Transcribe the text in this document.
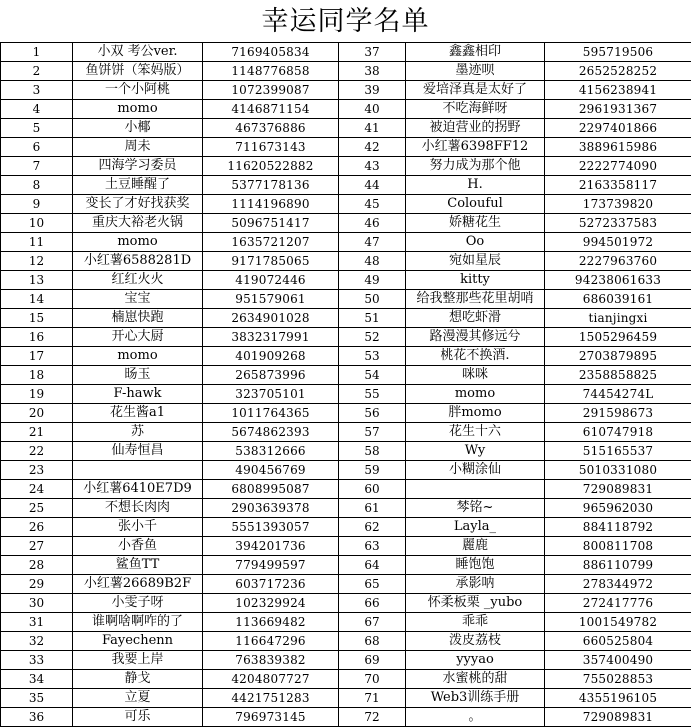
幸运同学名单
1	小双 考公ver.	7169405834	37	鑫鑫相印	595719506
2	鱼饼饼（笨妈版）	1148776858	38	墨迹呗	2652528252
3	一个小阿桃	1072399087	39	爱培泽真是太好了	4156238941
4	momo	4146871154	40	不吃海鲜呀	2961931367
5	小椰	467376886	41	被迫营业的拐野	2297401866
6	周未	711673143	42	小红薯6398FF12	3889615986
7	四海学习委员	11620522882	43	努力成为那个他	2222774090
8	土豆睡醒了	5377178136	44	H.	2163358117
9	变长了才好找获奖	1114196890	45	Colouful	173739820
10	重庆大裕老火锅	5096751417	46	娇糖花生	5272337583
11	momo	1635721207	47	Oo	994501972
12	小红薯6588281D	9171785065	48	宛如星辰	2227963760
13	红红火火	419072446	49	kitty	94238061633
14	宝宝	951579061	50	给我整那些花里胡哨	686039161
15	楠崽快跑	2634901028	51	想吃虾滑	tianjingxi
16	开心大厨	3832317991	52	路漫漫其修远兮	1505296459
17	momo	401909268	53	桃花不换酒.	2703879895
18	旸玉	265873996	54	咪咪	2358858825
19	F-hawk	323705101	55	momo	74454274L
20	花生酱a1	1011764365	56	胖momo	291598673
21	苏	5674862393	57	花生十六	610747918
22	仙寿恒昌	538312666	58	Wy	515165537
23		490456769	59	小糊涂仙	5010331080
24	小红薯6410E7D9	6808995087	60		729089831
25	不想长肉肉	2903639378	61	棽铭~	965962030
26	张小千	5551393057	62	Layla_	884118792
27	小香鱼	394201736	63	麗鹿	800811708
28	鲨鱼TT	779499597	64	睡饱饱	886110799
29	小红薯26689B2F	603717236	65	承影呐	278344972
30	小雯子呀	102329924	66	怀柔板栗 _yubo	272417776
31	谁啊啥啊咋的了	113669482	67	乖乖	1001549782
32	Fayechenn	116647296	68	泼皮荔枝	660525804
33	我要上岸	763839382	69	yyyao	357400490
34	静戈	4204807727	70	水蜜桃的甜	755028853
35	立夏	4421751283	71	Web3训练手册	4355196105
36	可乐	796973145	72	。	729089831
